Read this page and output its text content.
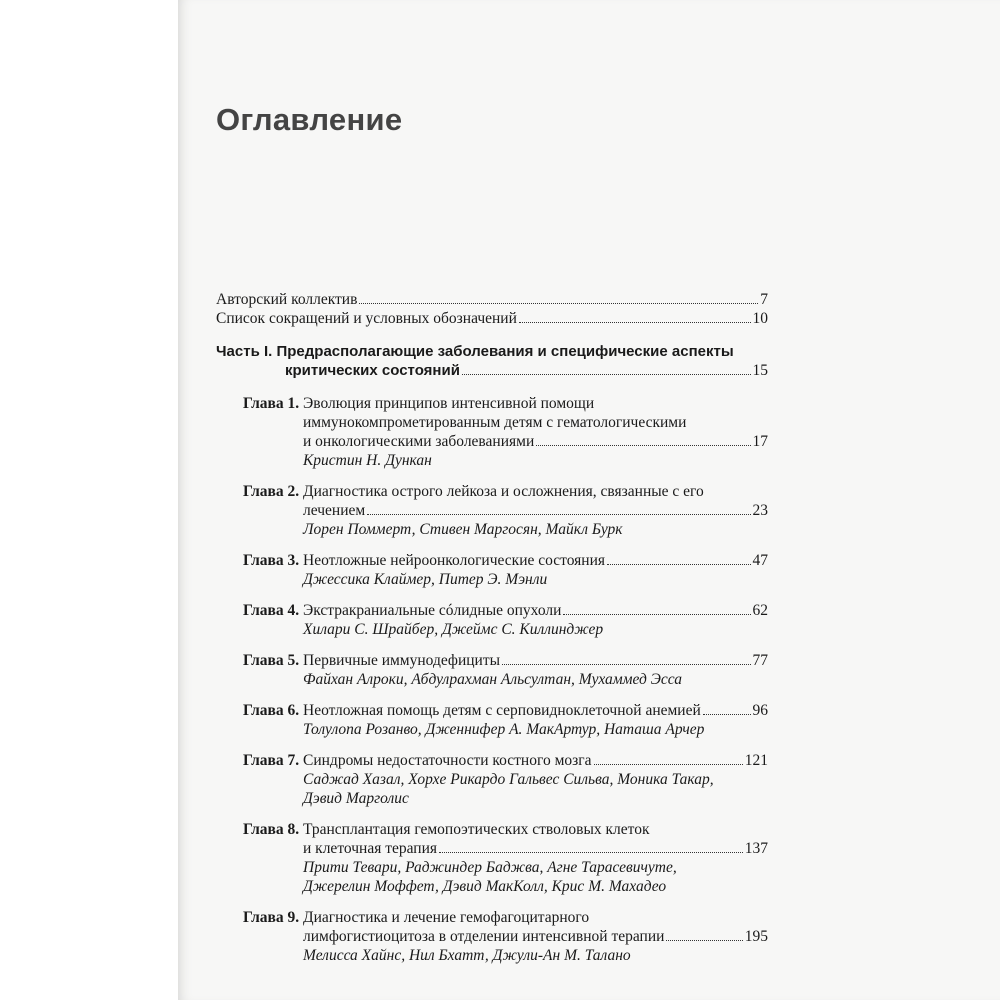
Оглавление
Авторский коллектив	7
Список сокращений и условных обозначений	10
Часть I. Предрасполагающие заболевания и специфические аспекты
критических состояний	15
Глава 1. Эволюция принципов интенсивной помощи
иммунокомпрометированным детям с гематологическими
и онкологическими заболеваниями	17
Кристин Н. Дункан
Глава 2. Диагностика острого лейкоза и осложнения, связанные с его
лечением	23
Лорен Поммерт, Стивен Маргосян, Майкл Бурк
Глава 3. Неотложные нейроонкологические состояния	47
Джессика Клаймер, Питер Э. Мэнли
Глава 4. Экстракраниальные сóлидные опухоли	62
Хилари С. Шрайбер, Джеймс С. Киллинджер
Глава 5. Первичные иммунодефициты	77
Файхан Алроки, Абдулрахман Альсултан, Мухаммед Эсса
Глава 6. Неотложная помощь детям с серповидноклеточной анемией	96
Толулопа Розанво, Дженнифер А. МакАртур, Наташа Арчер
Глава 7. Синдромы недостаточности костного мозга	121
Саджад Хазал, Хорхе Рикардо Гальвес Сильва, Моника Такар,
Дэвид Марголис
Глава 8. Трансплантация гемопоэтических стволовых клеток
и клеточная терапия	137
Прити Тевари, Раджиндер Баджва, Агне Тарасевичуте,
Джерелин Моффет, Дэвид МакКолл, Крис М. Махадео
Глава 9. Диагностика и лечение гемофагоцитарного
лимфогистиоцитоза в отделении интенсивной терапии	195
Мелисса Хайнс, Нил Бхатт, Джули-Ан М. Талано
